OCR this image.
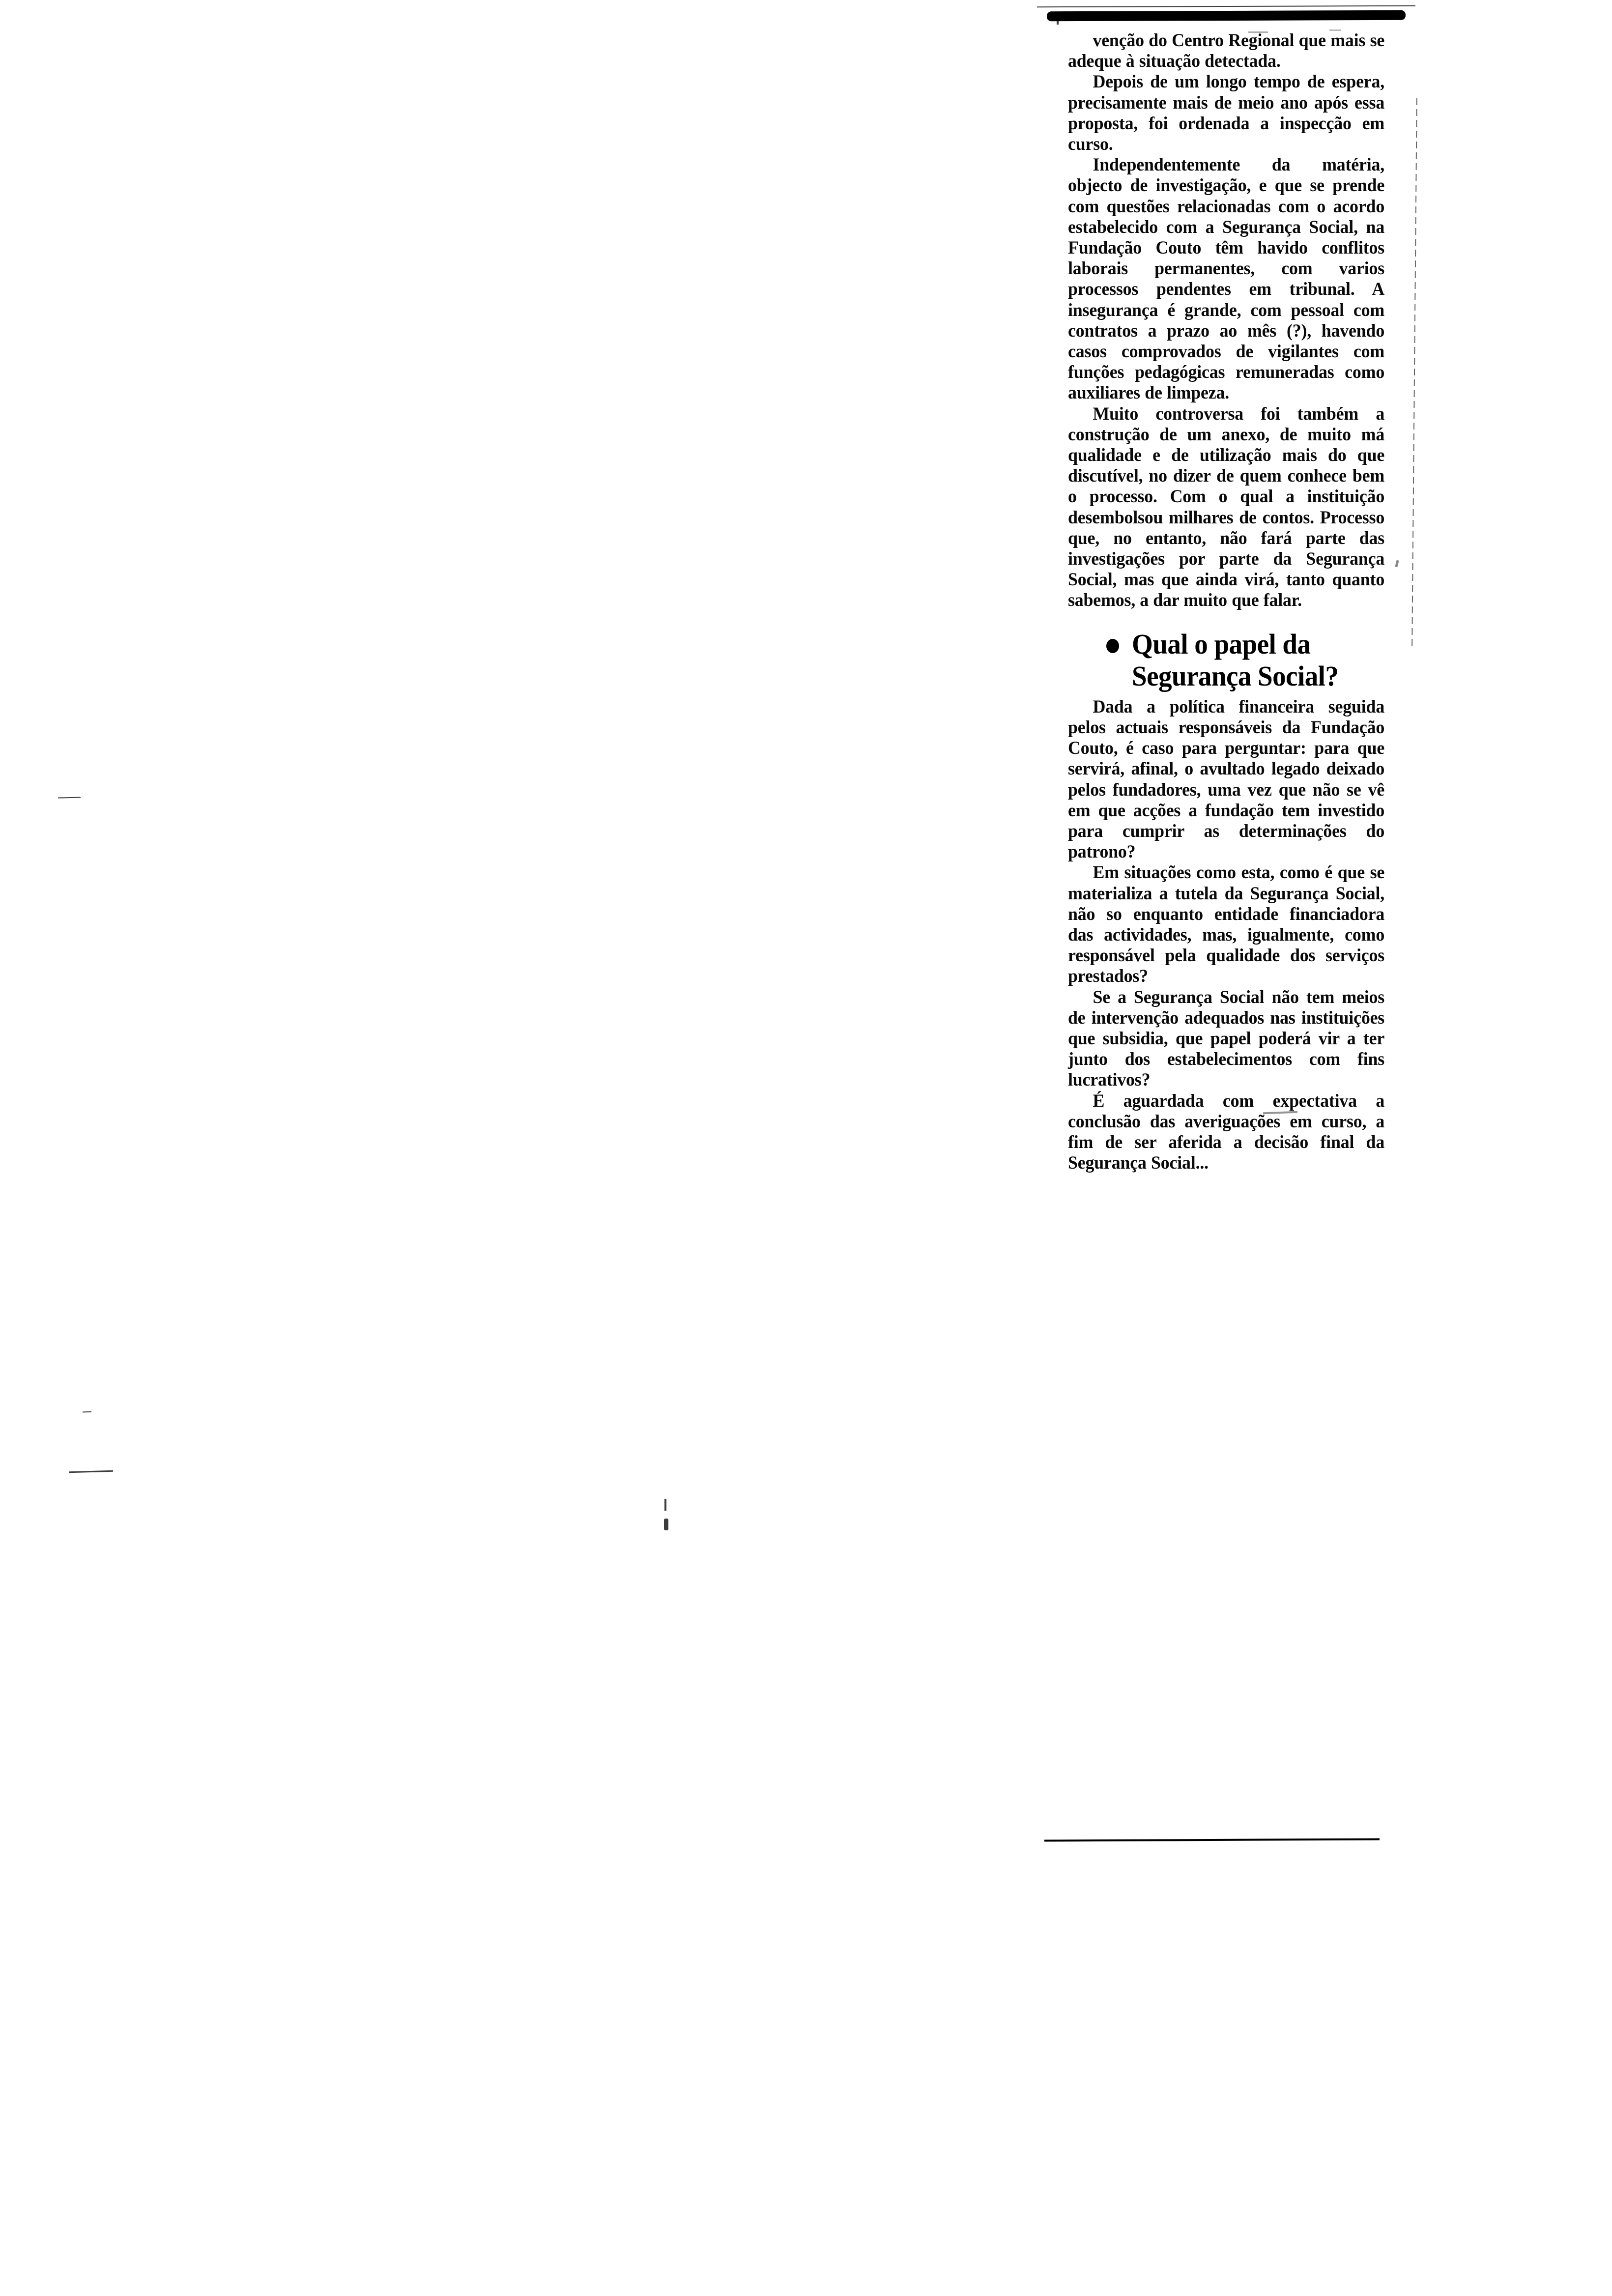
venção do Centro Regional que mais se adeque à situação detectada.

Depois de um longo tempo de espera, precisamente mais de meio ano após essa proposta, foi ordenada a inspecção em curso.

Independentemente da matéria, objecto de investigação, e que se prende com questões relacionadas com o acordo estabelecido com a Segurança Social, na Fundação Couto têm havido conflitos laborais permanentes, com varios processos pendentes em tribunal. A insegurança é grande, com pessoal com contratos a prazo ao mês (?), havendo casos comprovados de vigilantes com funções pedagógicas remuneradas como auxiliares de limpeza.

Muito controversa foi também a construção de um anexo, de muito má qualidade e de utilização mais do que discutível, no dizer de quem conhece bem o processo. Com o qual a instituição desembolsou milhares de contos. Processo que, no entanto, não fará parte das investigações por parte da Segurança Social, mas que ainda virá, tanto quanto sabemos, a dar muito que falar.

Qual o papel da Segurança Social?

Dada a política financeira seguida pelos actuais responsáveis da Fundação Couto, é caso para perguntar: para que servirá, afinal, o avultado legado deixado pelos fundadores, uma vez que não se vê em que acções a fundação tem investido para cumprir as determinações do patrono?

Em situações como esta, como é que se materializa a tutela da Segurança Social, não so enquanto entidade financiadora das actividades, mas, igualmente, como responsável pela qualidade dos serviços prestados?

Se a Segurança Social não tem meios de intervenção adequados nas instituições que subsidia, que papel poderá vir a ter junto dos estabelecimentos com fins lucrativos?

É aguardada com expectativa a conclusão das averiguações em curso, a fim de ser aferida a decisão final da Segurança Social...
